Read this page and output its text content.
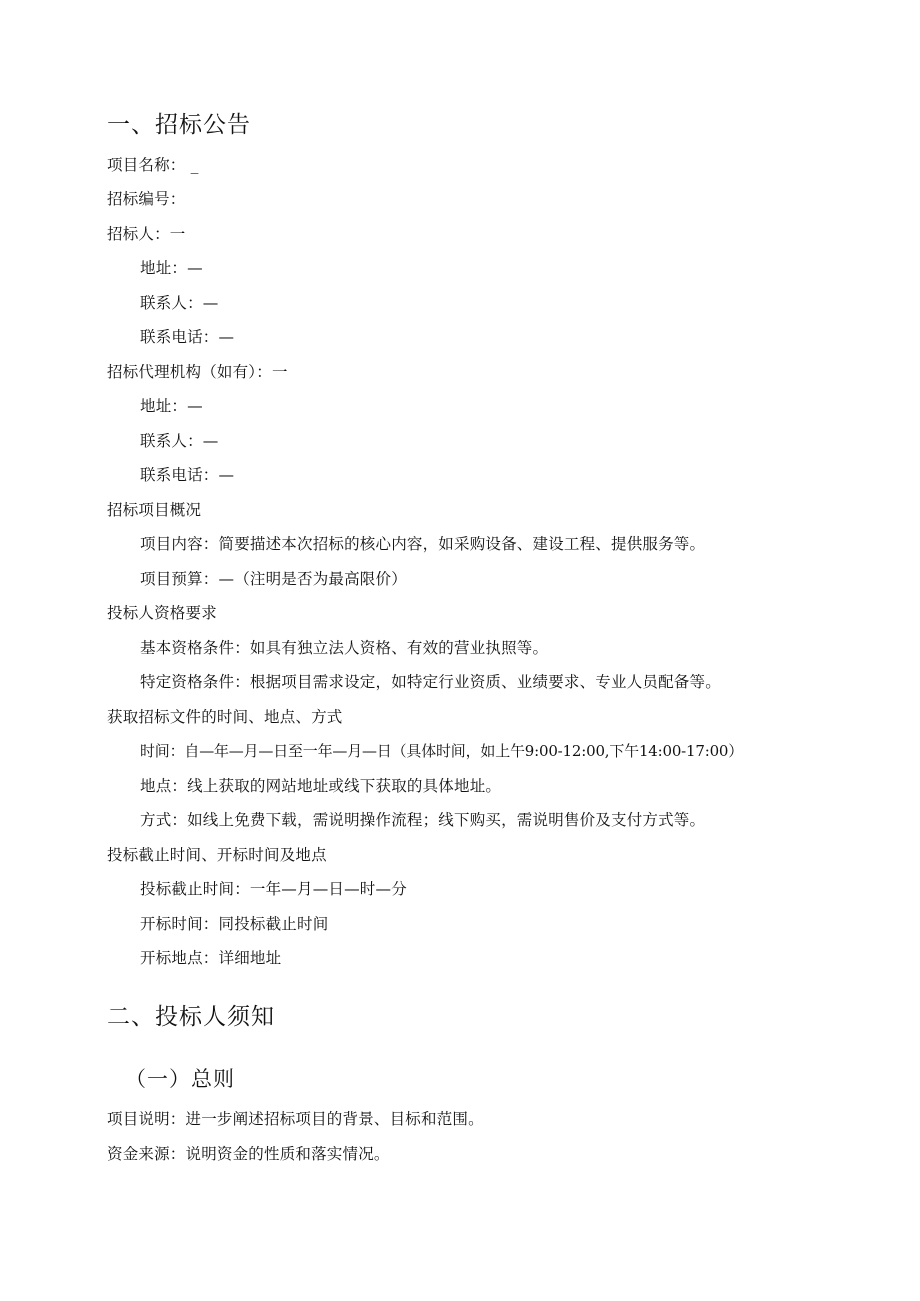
一、招标公告
项目名称： _
招标编号：
招标人：一
地址：—
联系人：—
联系电话：—
招标代理机构（如有）：一
地址：—
联系人：—
联系电话：—
招标项目概况
项目内容：简要描述本次招标的核心内容，如采购设备、建设工程、提供服务等。
项目预算：—（注明是否为最高限价）
投标人资格要求
基本资格条件：如具有独立法人资格、有效的营业执照等。
特定资格条件：根据项目需求设定，如特定行业资质、业绩要求、专业人员配备等。
获取招标文件的时间、地点、方式
时间：自—年—月—日至一年—月—日（具体时间，如上午9:00-12:00,下午14:00-17:00）
地点：线上获取的网站地址或线下获取的具体地址。
方式：如线上免费下载，需说明操作流程；线下购买，需说明售价及支付方式等。
投标截止时间、开标时间及地点
投标截止时间：一年—月—日—时—分
开标时间：同投标截止时间
开标地点：详细地址
二、投标人须知
（一）总则
项目说明：进一步阐述招标项目的背景、目标和范围。
资金来源：说明资金的性质和落实情况。
